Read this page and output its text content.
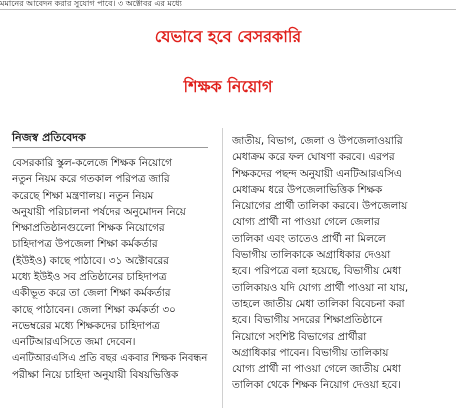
মমানের আবেদন করার সুযোগ পাবে। ৩ অক্টোবর এর মধ্যে
যেভাবে হবে বেসরকারি
শিক্ষক নিয়োগ
নিজস্ব প্রতিবেদক
বেসরকারি স্কুল-কলেজে শিক্ষক নিয়োগে
নতুন নিয়ম করে গতকাল পরিপত্র জারি
করেছে শিক্ষা মন্ত্রণালয়। নতুন নিয়ম
অনুযায়ী পরিচালনা পর্ষদের অনুমোদন নিয়ে
শিক্ষাপ্রতিষ্ঠানগুলোে শিক্ষক নিয়োগের
চাহিদাপত্র উপজেলা শিক্ষা কর্মকর্তার
(ইউইও) কাছে পাঠাবে। ৩১ অক্টোবরের
মধ্যে ইউইও সব প্রতিষ্ঠানের চাহিদাপত্র
একীভূত করে তা জেলা শিক্ষা কর্মকর্তার
কাছে পাঠাবেন। জেলা শিক্ষা কর্মকর্তা ৩০
নভেম্বরের মধ্যে শিক্ষকদের চাহিদাপত্র
এনটিআরএসিতে জমা দেবেন।
এনটিআরএসিএ প্রতি বছর একবার শিক্ষক নিবন্ধন
পরীক্ষা নিয়ে চাহিদা অনুযায়ী বিষয়ভিত্তিক
জাতীয়, বিভাগ, জেলা ও উপজেলাওয়ারি
মেধাক্রম করে ফল ঘোষণা করবে। এরপর
শিক্ষকদের পছন্দ অনুযায়ী এনটিআরএসিএ
মেধাক্রম ধরে উপজেলাভিত্তিক শিক্ষক
নিয়োগের প্রার্থী তালিকা করবে। উপজেলায়
যোগ্য প্রার্থী না পাওয়া গেলে জেলার
তালিকা এবং তাতেও প্রার্থী না মিললে
বিভাগীয় তালিকাকে অগ্রাধিকার দেওয়া
হবে। পরিপত্রে বলা হয়েছে, বিভাগীয় মেধা
তালিকায়ও যদি যোগ্য প্রার্থী পাওয়া না যায়,
তাহলে জাতীয় মেধা তালিকা বিবেচনা করা
হবে। বিভাগীয় সদরের শিক্ষাপ্রতিষ্ঠানে
নিয়োগে সংশিষ্ট বিভাগের প্রার্থীরা
অগ্রাধিকার পাবেন। বিভাগীয় তালিকায়
যোগ্য প্রার্থী না পাওয়া গেলে জাতীয় মেধা
তালিকা থেকে শিক্ষক নিয়োগ দেওয়া হবে।
